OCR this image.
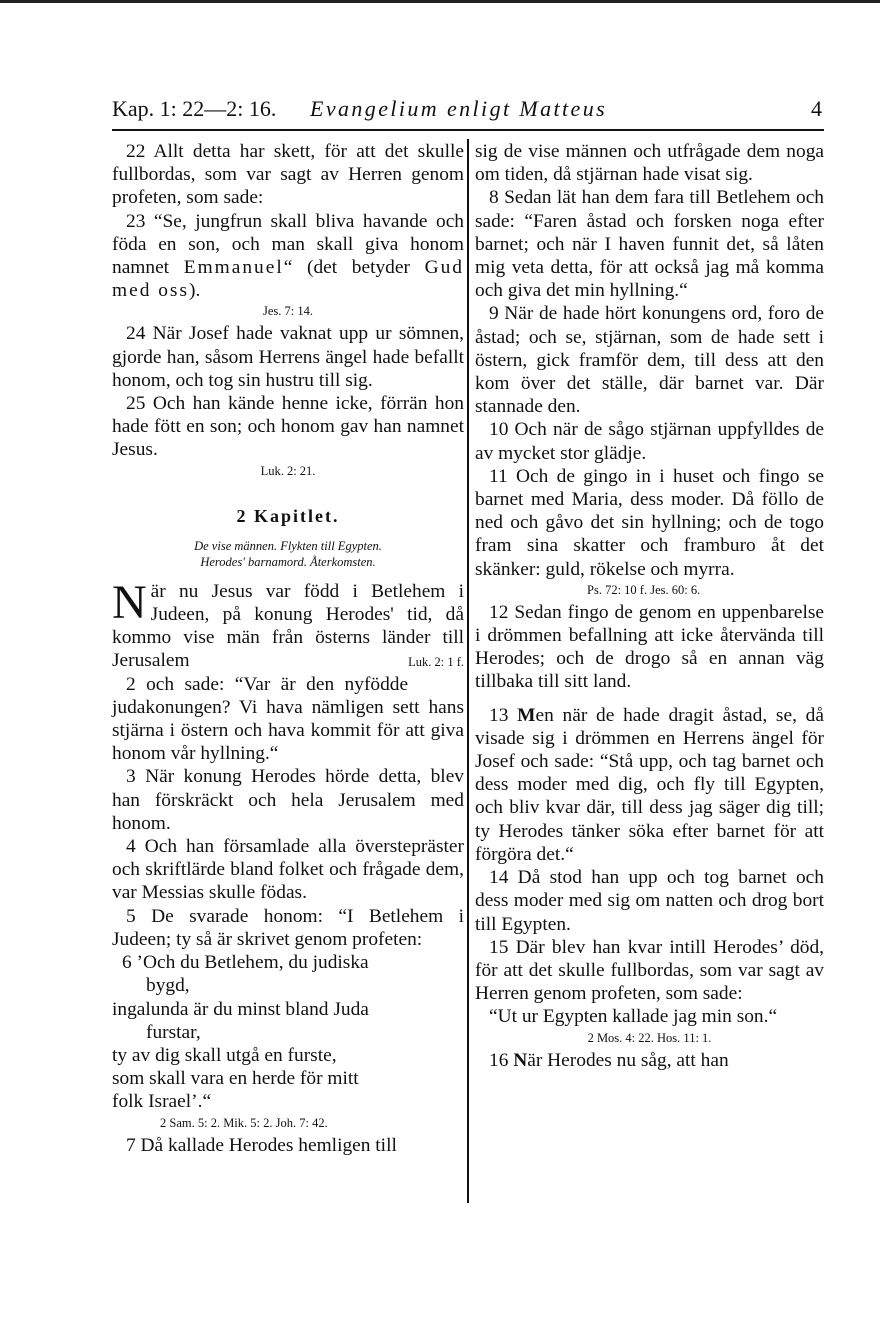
Kap. 1: 22—2: 16. Evangelium enligt Matteus	4

22 Allt detta har skett, för att det skulle fullbordas, som var sagt av Herren genom profeten, som sade:

23 “Se, jungfrun skall bliva havande och föda en son, och man skall giva honom namnet Emmanuel“ (det betyder Gud med oss).

Jes. 7: 14.

24 När Josef hade vaknat upp ur sömnen, gjorde han, såsom Herrens ängel hade befallt honom, och tog sin hustru till sig.

25 Och han kände henne icke, förrän hon hade fött en son; och honom gav han namnet Jesus.

Luk. 2: 21.
2 Kapitlet.
De vise männen. Flykten till Egypten.
Herodes' barnamord. Återkomsten.

När nu Jesus var född i Betlehem i Judeen, på konung Herodes' tid, då kommo vise män från österns länder till Jerusalem	Luk. 2: 1 f.

2 och sade: “Var är den nyfödde judakonungen? Vi hava nämligen sett hans stjärna i östern och hava kommit för att giva honom vår hyllning.“

3 När konung Herodes hörde detta, blev han förskräckt och hela Jerusalem med honom.

4 Och han församlade alla överstepräster och skriftlärde bland folket och frågade dem, var Messias skulle födas.

5 De svarade honom: “I Betlehem i Judeen; ty så är skrivet genom profeten:

6 ’Och du Betlehem, du judiska

bygd,

ingalunda är du minst bland Juda

furstar,

ty av dig skall utgå en furste,

som skall vara en herde för mitt

folk Israel’.“

2 Sam. 5: 2. Mik. 5: 2. Joh. 7: 42.

7 Då kallade Herodes hemligen till

sig de vise männen och utfrågade dem noga om tiden, då stjärnan hade visat sig.

8 Sedan lät han dem fara till Betlehem och sade: “Faren åstad och forsken noga efter barnet; och när I haven funnit det, så låten mig veta detta, för att också jag må komma och giva det min hyllning.“

9 När de hade hört konungens ord, foro de åstad; och se, stjärnan, som de hade sett i östern, gick framför dem, till dess att den kom över det ställe, där barnet var. Där stannade den.

10 Och när de sågo stjärnan uppfylldes de av mycket stor glädje.

11 Och de gingo in i huset och fingo se barnet med Maria, dess moder. Då föllo de ned och gåvo det sin hyllning; och de togo fram sina skatter och framburo åt det skänker: guld, rökelse och myrra.

Ps. 72: 10 f. Jes. 60: 6.

12 Sedan fingo de genom en uppenbarelse i drömmen befallning att icke återvända till Herodes; och de drogo så en annan väg tillbaka till sitt land.

13 Men när de hade dragit åstad, se, då visade sig i drömmen en Herrens ängel för Josef och sade: “Stå upp, och tag barnet och dess moder med dig, och fly till Egypten, och bliv kvar där, till dess jag säger dig till; ty Herodes tänker söka efter barnet för att förgöra det.“

14 Då stod han upp och tog barnet och dess moder med sig om natten och drog bort till Egypten.

15 Där blev han kvar intill Herodes’ död, för att det skulle fullbordas, som var sagt av Herren genom profeten, som sade:

“Ut ur Egypten kallade jag min son.“

2 Mos. 4: 22. Hos. 11: 1.

16 När Herodes nu såg, att han
